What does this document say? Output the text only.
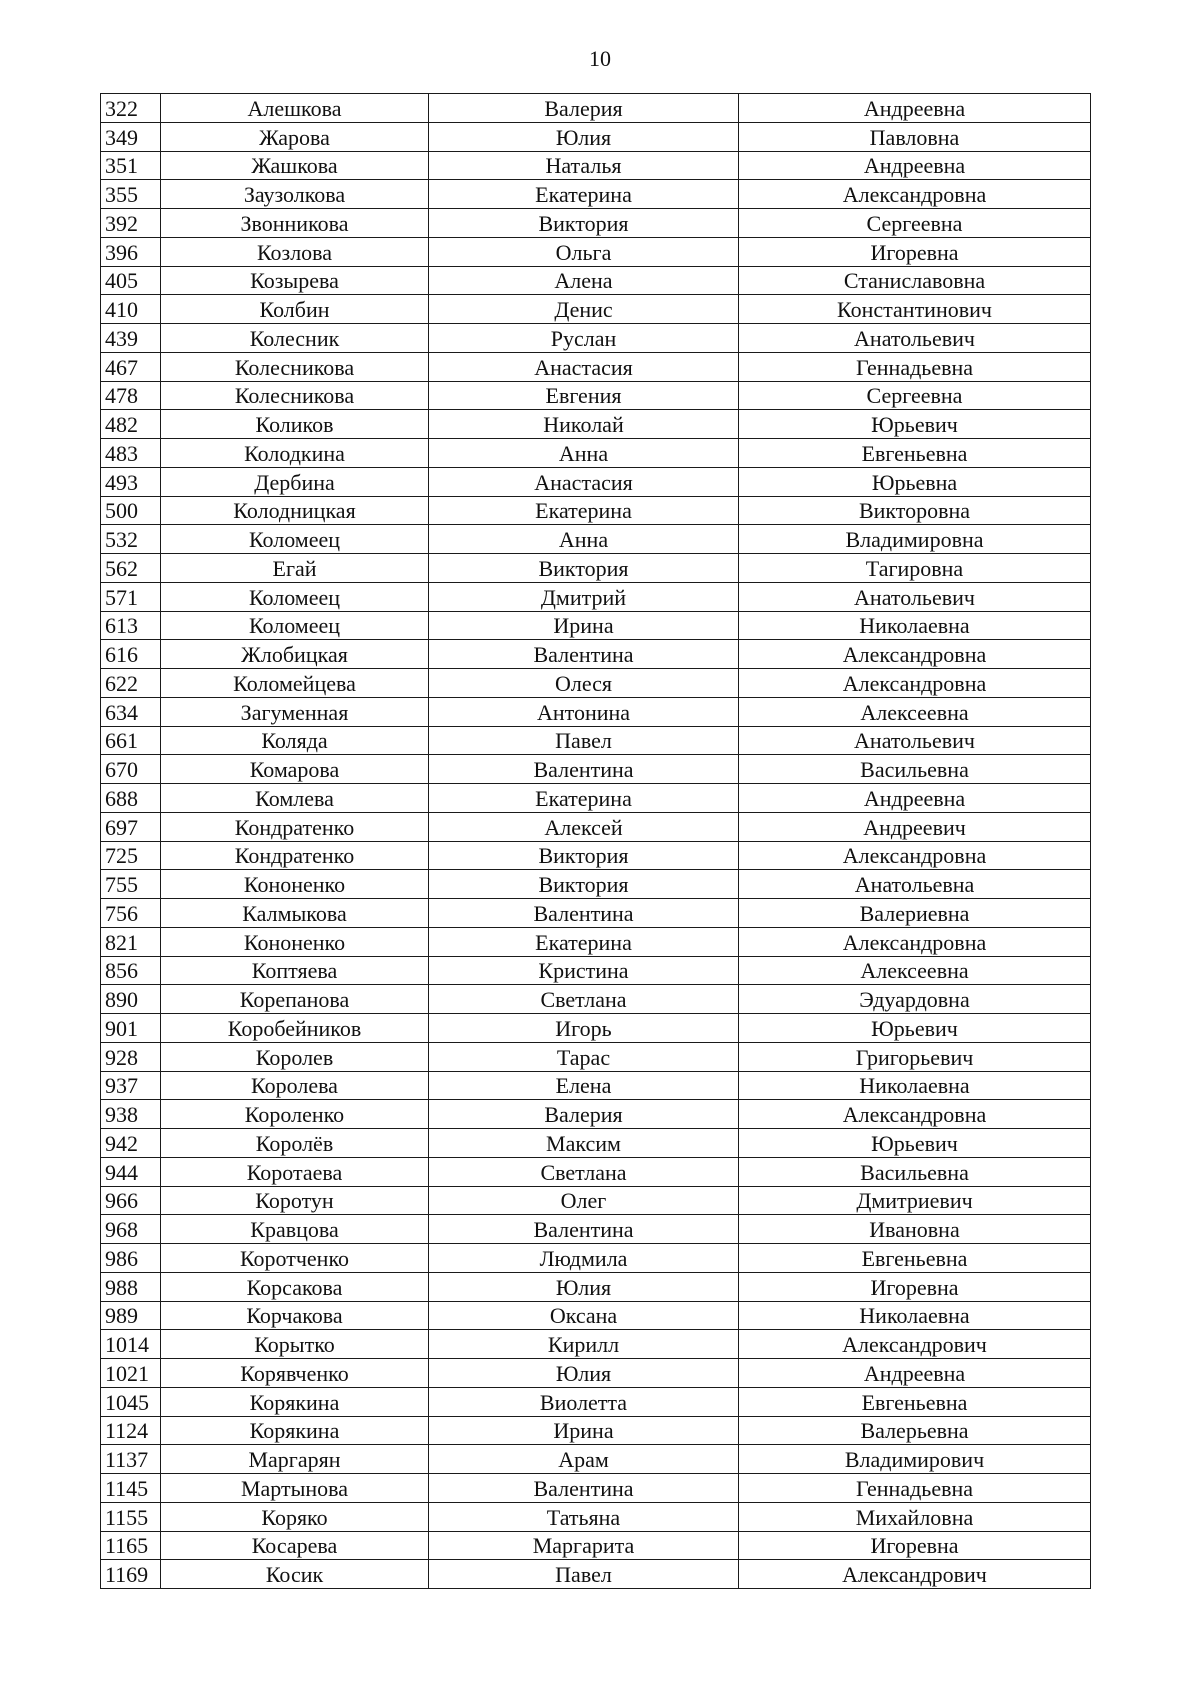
10
322	Алешкова	Валерия	Андреевна
349	Жарова	Юлия	Павловна
351	Жашкова	Наталья	Андреевна
355	Заузолкова	Екатерина	Александровна
392	Звонникова	Виктория	Сергеевна
396	Козлова	Ольга	Игоревна
405	Козырева	Алена	Станиславовна
410	Колбин	Денис	Константинович
439	Колесник	Руслан	Анатольевич
467	Колесникова	Анастасия	Геннадьевна
478	Колесникова	Евгения	Сергеевна
482	Коликов	Николай	Юрьевич
483	Колодкина	Анна	Евгеньевна
493	Дербина	Анастасия	Юрьевна
500	Колодницкая	Екатерина	Викторовна
532	Коломеец	Анна	Владимировна
562	Егай	Виктория	Тагировна
571	Коломеец	Дмитрий	Анатольевич
613	Коломеец	Ирина	Николаевна
616	Жлобицкая	Валентина	Александровна
622	Коломейцева	Олеся	Александровна
634	Загуменная	Антонина	Алексеевна
661	Коляда	Павел	Анатольевич
670	Комарова	Валентина	Васильевна
688	Комлева	Екатерина	Андреевна
697	Кондратенко	Алексей	Андреевич
725	Кондратенко	Виктория	Александровна
755	Кононенко	Виктория	Анатольевна
756	Калмыкова	Валентина	Валериевна
821	Кононенко	Екатерина	Александровна
856	Коптяева	Кристина	Алексеевна
890	Корепанова	Светлана	Эдуардовна
901	Коробейников	Игорь	Юрьевич
928	Королев	Тарас	Григорьевич
937	Королева	Елена	Николаевна
938	Короленко	Валерия	Александровна
942	Королёв	Максим	Юрьевич
944	Коротаева	Светлана	Васильевна
966	Коротун	Олег	Дмитриевич
968	Кравцова	Валентина	Ивановна
986	Коротченко	Людмила	Евгеньевна
988	Корсакова	Юлия	Игоревна
989	Корчакова	Оксана	Николаевна
1014	Корытко	Кирилл	Александрович
1021	Корявченко	Юлия	Андреевна
1045	Корякина	Виолетта	Евгеньевна
1124	Корякина	Ирина	Валерьевна
1137	Маргарян	Арам	Владимирович
1145	Мартынова	Валентина	Геннадьевна
1155	Коряко	Татьяна	Михайловна
1165	Косарева	Маргарита	Игоревна
1169	Косик	Павел	Александрович
